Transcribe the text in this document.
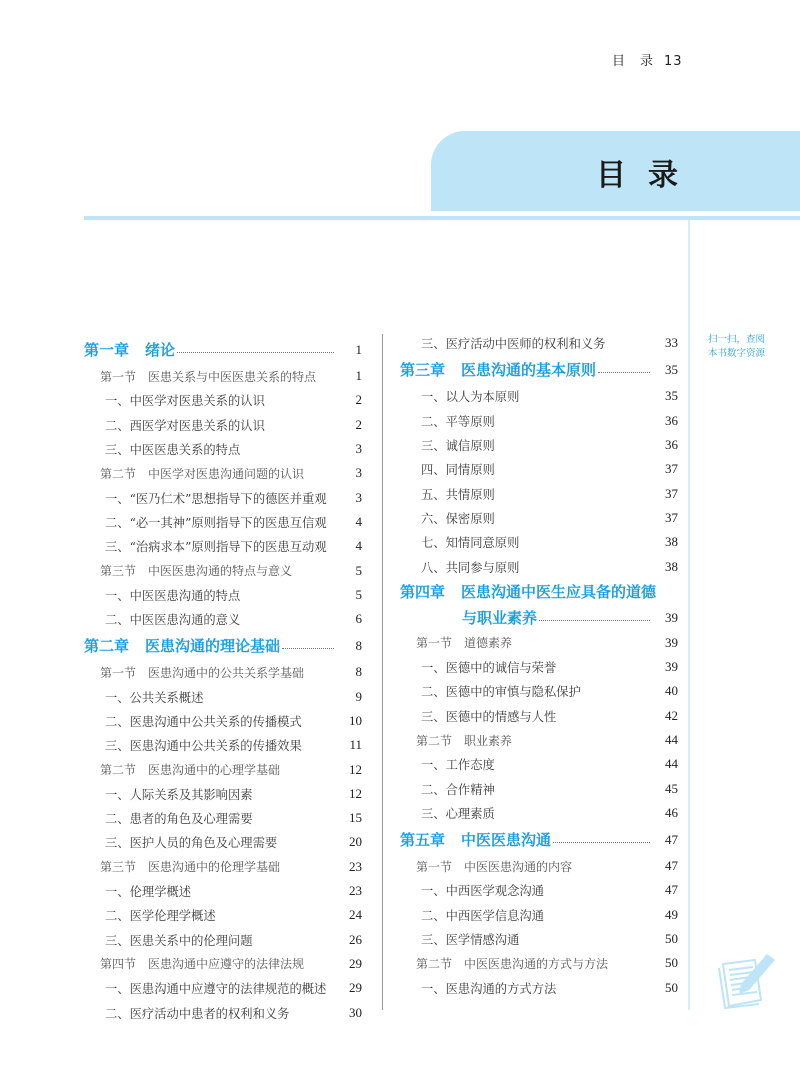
目　录 13
目录
扫一扫，查阅
本书数字资源
第一章 绪论	1
第一节 医患关系与中医医患关系的特点	1
一、中医学对医患关系的认识	2
二、西医学对医患关系的认识	2
三、中医医患关系的特点	3
第二节 中医学对医患沟通问题的认识	3
一、“医乃仁术”思想指导下的德医并重观	3
二、“必一其神”原则指导下的医患互信观	4
三、“治病求本”原则指导下的医患互动观	4
第三节 中医医患沟通的特点与意义	5
一、中医医患沟通的特点	5
二、中医医患沟通的意义	6
第二章 医患沟通的理论基础	8
第一节 医患沟通中的公共关系学基础	8
一、公共关系概述	9
二、医患沟通中公共关系的传播模式	10
三、医患沟通中公共关系的传播效果	11
第二节 医患沟通中的心理学基础	12
一、人际关系及其影响因素	12
二、患者的角色及心理需要	15
三、医护人员的角色及心理需要	20
第三节 医患沟通中的伦理学基础	23
一、伦理学概述	23
二、医学伦理学概述	24
三、医患关系中的伦理问题	26
第四节 医患沟通中应遵守的法律法规	29
一、医患沟通中应遵守的法律规范的概述	29
二、医疗活动中患者的权利和义务	30
三、医疗活动中医师的权利和义务	33
第三章 医患沟通的基本原则	35
一、以人为本原则	35
二、平等原则	36
三、诚信原则	36
四、同情原则	37
五、共情原则	37
六、保密原则	37
七、知情同意原则	38
八、共同参与原则	38
第四章 医患沟通中医生应具备的道德
与职业素养	39
第一节 道德素养	39
一、医德中的诚信与荣誉	39
二、医德中的审慎与隐私保护	40
三、医德中的情感与人性	42
第二节 职业素养	44
一、工作态度	44
二、合作精神	45
三、心理素质	46
第五章 中医医患沟通	47
第一节 中医医患沟通的内容	47
一、中西医学观念沟通	47
二、中西医学信息沟通	49
三、医学情感沟通	50
第二节 中医医患沟通的方式与方法	50
一、医患沟通的方式方法	50
